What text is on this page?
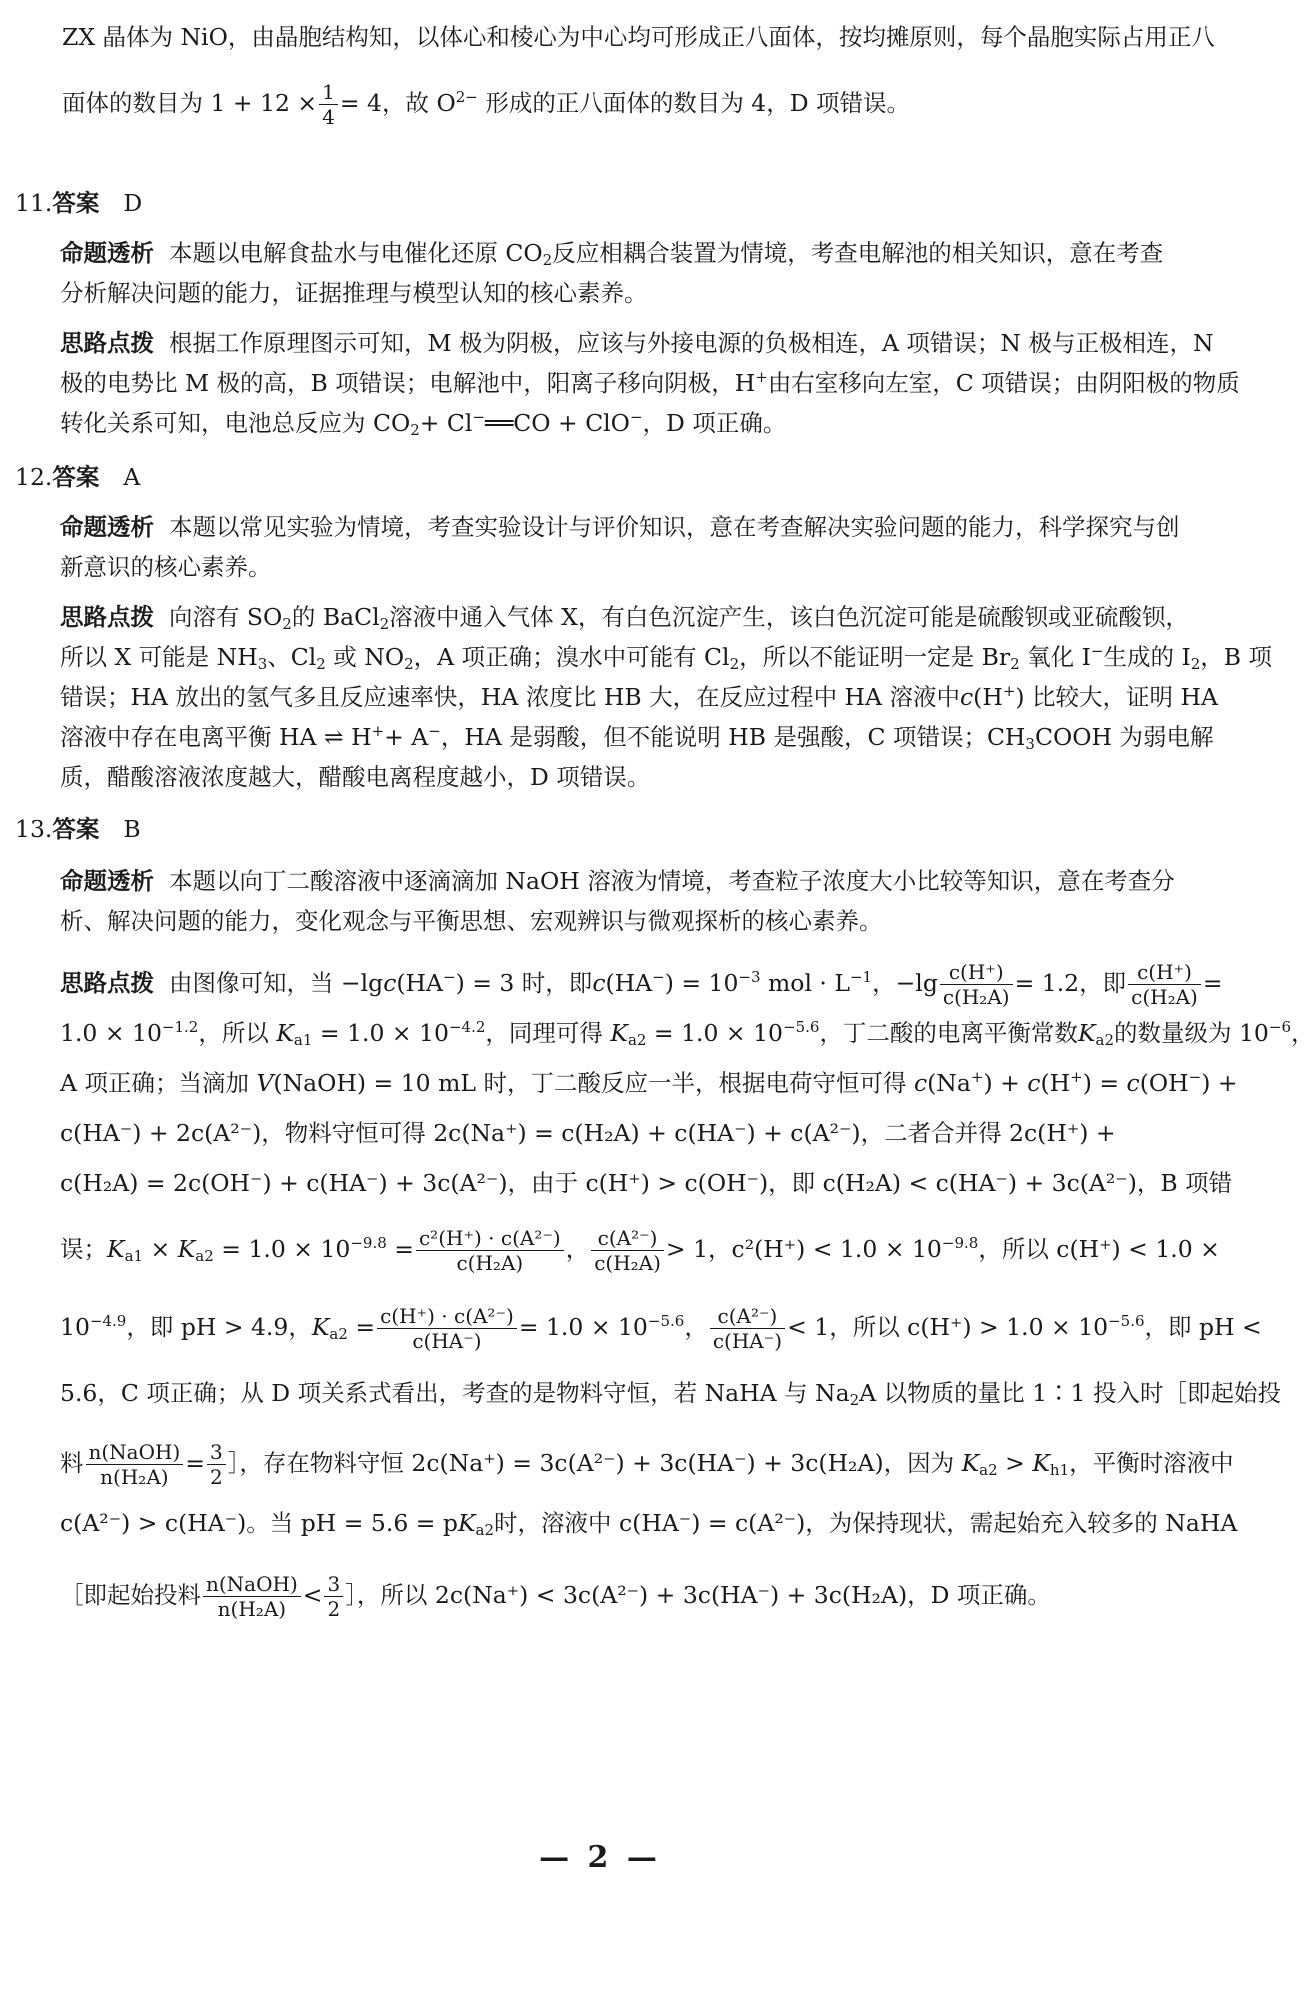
ZX 晶体为 NiO，由晶胞结构知，以体心和棱心为中心均可形成正八面体，按均摊原则，每个晶胞实际占用正八
面体的数目为 $1 + 12 \times \frac{1}{4} = 4$，故 $O^{2-}$ 形成的正八面体的数目为 4，D 项错误。
11.答案 D
命题透析 本题以电解食盐水与电催化还原 $CO_2$反应相耦合装置为情境，考查电解池的相关知识，意在考查
分析解决问题的能力，证据推理与模型认知的核心素养。
思路点拨 根据工作原理图示可知，M 极为阴极，应该与外接电源的负极相连，A 项错误；N 极与正极相连，N
极的电势比 M 极的高，B 项错误；电解池中，阳离子移向阴极，H+由右室移向左室，C 项错误；由阴阳极的物质
转化关系可知，电池总反应为 $CO_2+$ Cl−══CO + ClO−，D 项正确。
12.答案 A
命题透析 本题以常见实验为情境，考查实验设计与评价知识，意在考查解决实验问题的能力，科学探究与创
新意识的核心素养。
思路点拨 向溶有 $SO_2$的 BaCl$_2$溶液中通入气体 X，有白色沉淀产生，该白色沉淀可能是硫酸钡或亚硫酸钡，
所以 X 可能是 $NH_3$、$Cl_2$ 或 $NO_2$，A 项正确；溴水中可能有 $Cl_2$，所以不能证明一定是 $Br_2$ 氧化 I−生成的 $I_2$，B 项
错误；HA 放出的氢气多且反应速率快，HA 浓度比 HB 大，在反应过程中 HA 溶液中c(H+) 比较大，证明 HA
溶液中存在电离平衡 HA ⇌ H++ A−，HA 是弱酸，但不能说明 HB 是强酸，C 项错误；$CH_3COOH$ 为弱电解
质，醋酸溶液浓度越大，醋酸电离程度越小，D 项错误。
13.答案 B
命题透析 本题以向丁二酸溶液中逐滴滴加 NaOH 溶液为情境，考查粒子浓度大小比较等知识，意在考查分
析、解决问题的能力，变化观念与平衡思想、宏观辨识与微观探析的核心素养。
思路点拨 由图像可知，当 −lgc(HA−) = 3 时，即$c(HA^-) = 10^{-3}$ mol · $L^{-1}$，$-\lg \frac{c(H^+)}{\text{c(H₂A)}} = 1.2$，即 $\frac{c(H^+)}{\text{c(H₂A)}}$ =
$1.0 \times 10^{-1.2}$，所以 $K_{a1} = 1.0 \times 10^{-4.2}$，同理可得 $K_{a2} = 1.0 \times 10^{-5.6}$，丁二酸的电离平衡常数$K_{a2}$的数量级为 $10^{-6}$，
A 项正确；当滴加 V(NaOH) = 10 mL 时，丁二酸反应一半，根据电荷守恒可得 c(Na+) + c(H+) = c(OH−) +
c(HA⁻) + 2c(A²⁻)，物料守恒可得 2c(Na⁺) = c(H₂A) + c(HA⁻) + c(A²⁻)，二者合并得 2c(H⁺) +
c(H₂A) = 2c(OH⁻) + c(HA⁻) + 3c(A²⁻)，由于 c(H⁺) > c(OH⁻)，即 c(H₂A) < c(HA⁻) + 3c(A²⁻)，B 项错
误；$K_{a1} \times K_{a2} = 1.0 \times 10^{-9.8} = \frac{\text{c²(H⁺) · c(A²⁻)}}{\text{c(H₂A)}}$ ， $\frac{\text{c(A²⁻)}}{\text{c(H₂A)}} > 1$，$c^2(H^+) < 1.0 \times 10^{-9.8}$，所以 c(H⁺) < 1.0 ×
$10^{-4.9}$，即 pH > 4.9，$K_{a2} = \frac{\text{c(H⁺) · c(A²⁻)}}{c(HA^-)} = 1.0 \times 10^{-5.6}$， $\frac{\text{c(A²⁻)}}{c(HA^-)} < 1$，所以 $c(H^+) > 1.0 \times 10^{-5.6}$，即 pH <
5.6，C 项正确；从 D 项关系式看出，考查的是物料守恒，若 NaHA 与 $Na_2A$ 以物质的量比 1∶1 投入时［即起始投
料 $\frac{\text{n(NaOH)}}{\text{n(H₂A)}} = \frac{3}{2}$ ］，存在物料守恒 2c(Na⁺) = 3c(A²⁻) + 3c(HA⁻) + 3c(H₂A)，因为 $K_{a2} > K_{h1}$，平衡时溶液中
c(A²⁻) > c(HA⁻)。当 pH = $5.6 = pK_{a2}$时，溶液中 c(HA⁻) = c(A²⁻)，为保持现状，需起始充入较多的 NaHA
［即起始投料 $\frac{\text{n(NaOH)}}{\text{n(H₂A)}} < \frac{3}{2}$ ］，所以 2c(Na⁺) < 3c(A²⁻) + 3c(HA⁻) + 3c(H₂A)，D 项正确。
— 2 —
